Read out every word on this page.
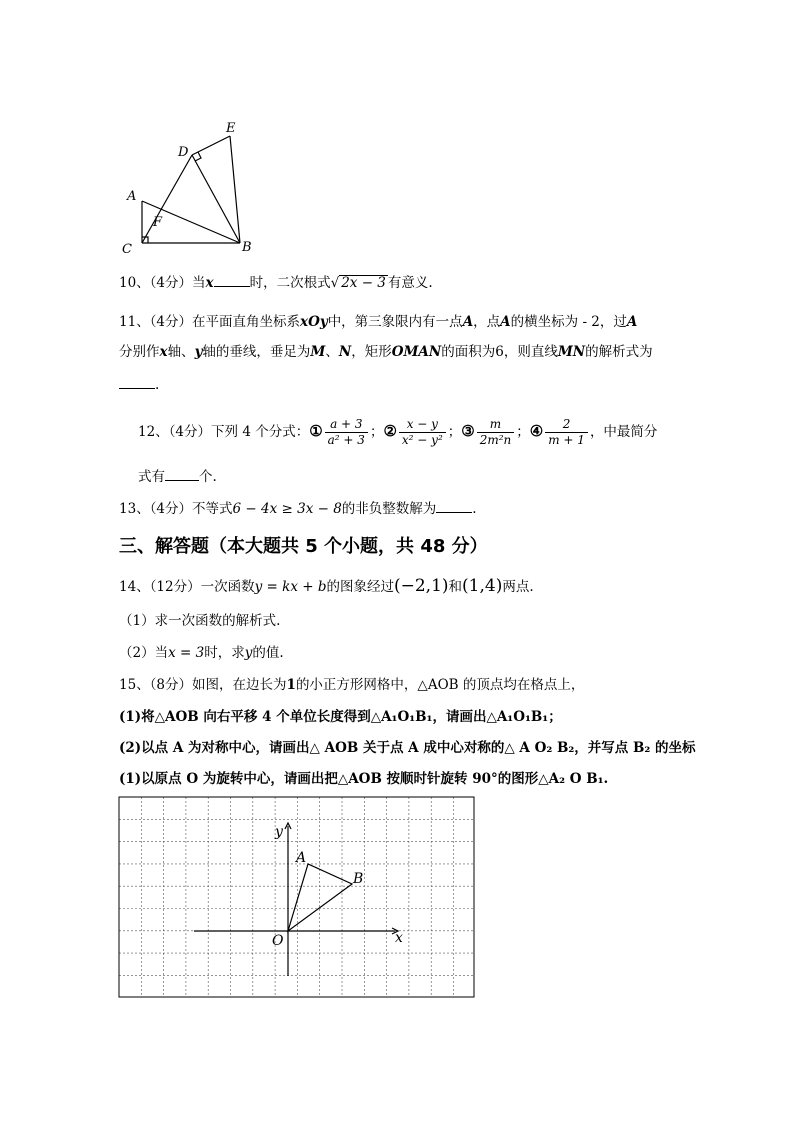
E
D
A
F
C	B
10、（4分）当x	时，二次根式√ 2x − 3 有意义.
11、（4分）在平面直角坐标系xOy中，第三象限内有一点A，点A的横坐标为 - 2，过A
分别作x轴、y轴的垂线，垂足为M、N，矩形OMAN的面积为6，则直线MN的解析式为
.
12、（4分）下列 4 个分式：① $\frac{a + 3}{\text{a² + 3}}$ ；② $\frac{x - y}{\text{x² − y²}}$ ；③ $\frac{m}{\text{2m²n}}$ ；④ $\frac{2}{m + 1}$ ，中最简分
式有	个.
13、（4分）不等式6 − 4x ≥ 3x − 8的非负整数解为	.
三、解答题（本大题共 5 个小题，共 48 分）
14、（12分）一次函数y = kx + b的图象经过(−2,1)和(1,4)两点.
（1）求一次函数的解析式.
（2）当x = 3时，求y的值.
15、（8分）如图，在边长为1的小正方形网格中，△AOB 的顶点均在格点上，
(1)将△AOB 向右平移 4 个单位长度得到△A₁O₁B₁，请画出△A₁O₁B₁；
(2)以点 A 为对称中心，请画出△ AOB 关于点 A 成中心对称的△ A O₂ B₂，并写点 B₂ 的坐标
(1)以原点 O 为旋转中心，请画出把△AOB 按顺时针旋转 90°的图形△A₂ O B₁.
y
x
O
A
B
